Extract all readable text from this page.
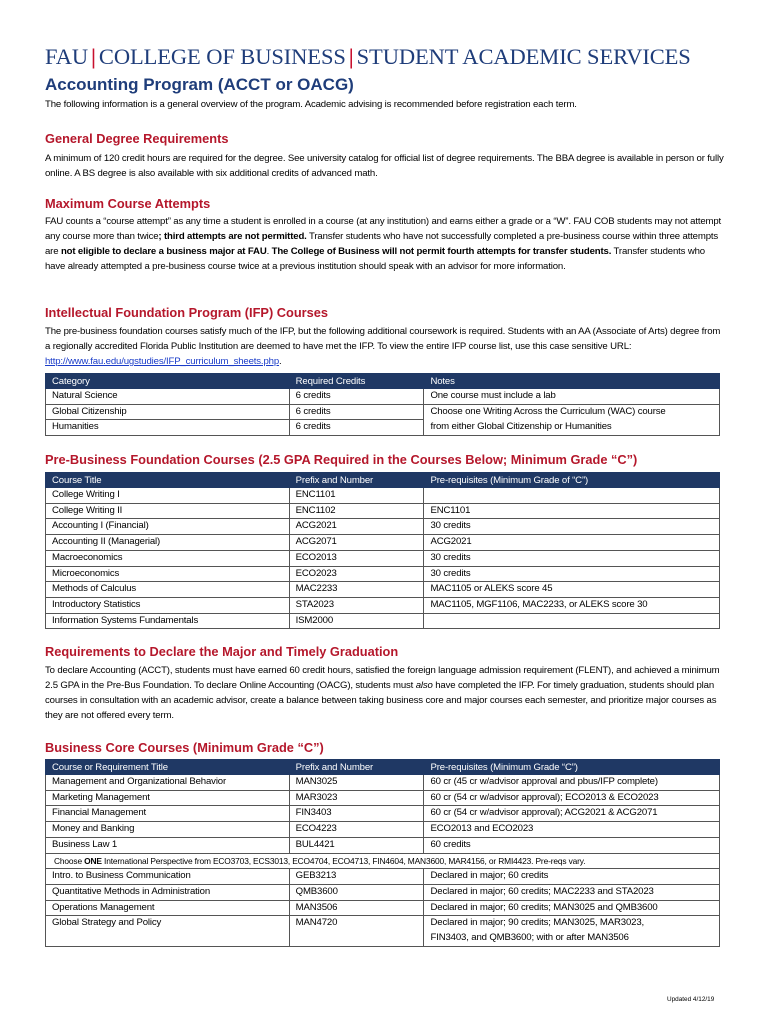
FAU | COLLEGE OF BUSINESS | STUDENT ACADEMIC SERVICES
Accounting Program (ACCT or OACG)
The following information is a general overview of the program. Academic advising is recommended before registration each term.
General Degree Requirements
A minimum of 120 credit hours are required for the degree. See university catalog for official list of degree requirements. The BBA degree is available in person or fully online. A BS degree is also available with six additional credits of advanced math.
Maximum Course Attempts
FAU counts a “course attempt” as any time a student is enrolled in a course (at any institution) and earns either a grade or a “W”. FAU COB students may not attempt any course more than twice; third attempts are not permitted. Transfer students who have not successfully completed a pre-business course within three attempts are not eligible to declare a business major at FAU. The College of Business will not permit fourth attempts for transfer students. Transfer students who have already attempted a pre-business course twice at a previous institution should speak with an advisor for more information.
Intellectual Foundation Program (IFP) Courses
The pre-business foundation courses satisfy much of the IFP, but the following additional coursework is required. Students with an AA (Associate of Arts) degree from a regionally accredited Florida Public Institution are deemed to have met the IFP. To view the entire IFP course list, use this case sensitive URL: http://www.fau.edu/ugstudies/IFP_curriculum_sheets.php.
Category	Required Credits	Notes
Natural Science	6 credits	One course must include a lab
Global Citizenship	6 credits	Choose one Writing Across the Curriculum (WAC) course
Humanities	6 credits	from either Global Citizenship or Humanities
Pre-Business Foundation Courses (2.5 GPA Required in the Courses Below; Minimum Grade “C”)
Course Title	Prefix and Number	Pre-requisites (Minimum Grade of “C”)
College Writing I	ENC1101	
College Writing II	ENC1102	ENC1101
Accounting I (Financial)	ACG2021	30 credits
Accounting II (Managerial)	ACG2071	ACG2021
Macroeconomics	ECO2013	30 credits
Microeconomics	ECO2023	30 credits
Methods of Calculus	MAC2233	MAC1105 or ALEKS score 45
Introductory Statistics	STA2023	MAC1105, MGF1106, MAC2233, or ALEKS score 30
Information Systems Fundamentals	ISM2000	
Requirements to Declare the Major and Timely Graduation
To declare Accounting (ACCT), students must have earned 60 credit hours, satisfied the foreign language admission requirement (FLENT), and achieved a minimum 2.5 GPA in the Pre-Bus Foundation. To declare Online Accounting (OACG), students must also have completed the IFP. For timely graduation, students should plan courses in consultation with an academic advisor, create a balance between taking business core and major courses each semester, and prioritize major courses as they are not offered every term.
Business Core Courses (Minimum Grade “C”)
Course or Requirement Title	Prefix and Number	Pre-requisites (Minimum Grade “C”)
Management and Organizational Behavior	MAN3025	60 cr (45 cr w/advisor approval and pbus/IFP complete)
Marketing Management	MAR3023	60 cr (54 cr w/advisor approval); ECO2013 & ECO2023
Financial Management	FIN3403	60 cr (54 cr w/advisor approval); ACG2021 & ACG2071
Money and Banking	ECO4223	ECO2013 and ECO2023
Business Law 1	BUL4421	60 credits
Choose ONE International Perspective from ECO3703, ECS3013, ECO4704, ECO4713, FIN4604, MAN3600, MAR4156, or RMI4423. Pre-reqs vary.		
Intro. to Business Communication	GEB3213	Declared in major; 60 credits
Quantitative Methods in Administration	QMB3600	Declared in major; 60 credits; MAC2233 and STA2023
Operations Management	MAN3506	Declared in major; 60 credits; MAN3025 and QMB3600
Global Strategy and Policy	MAN4720	Declared in major; 90 credits; MAN3025, MAR3023,
FIN3403, and QMB3600; with or after MAN3506
Updated 4/12/19
